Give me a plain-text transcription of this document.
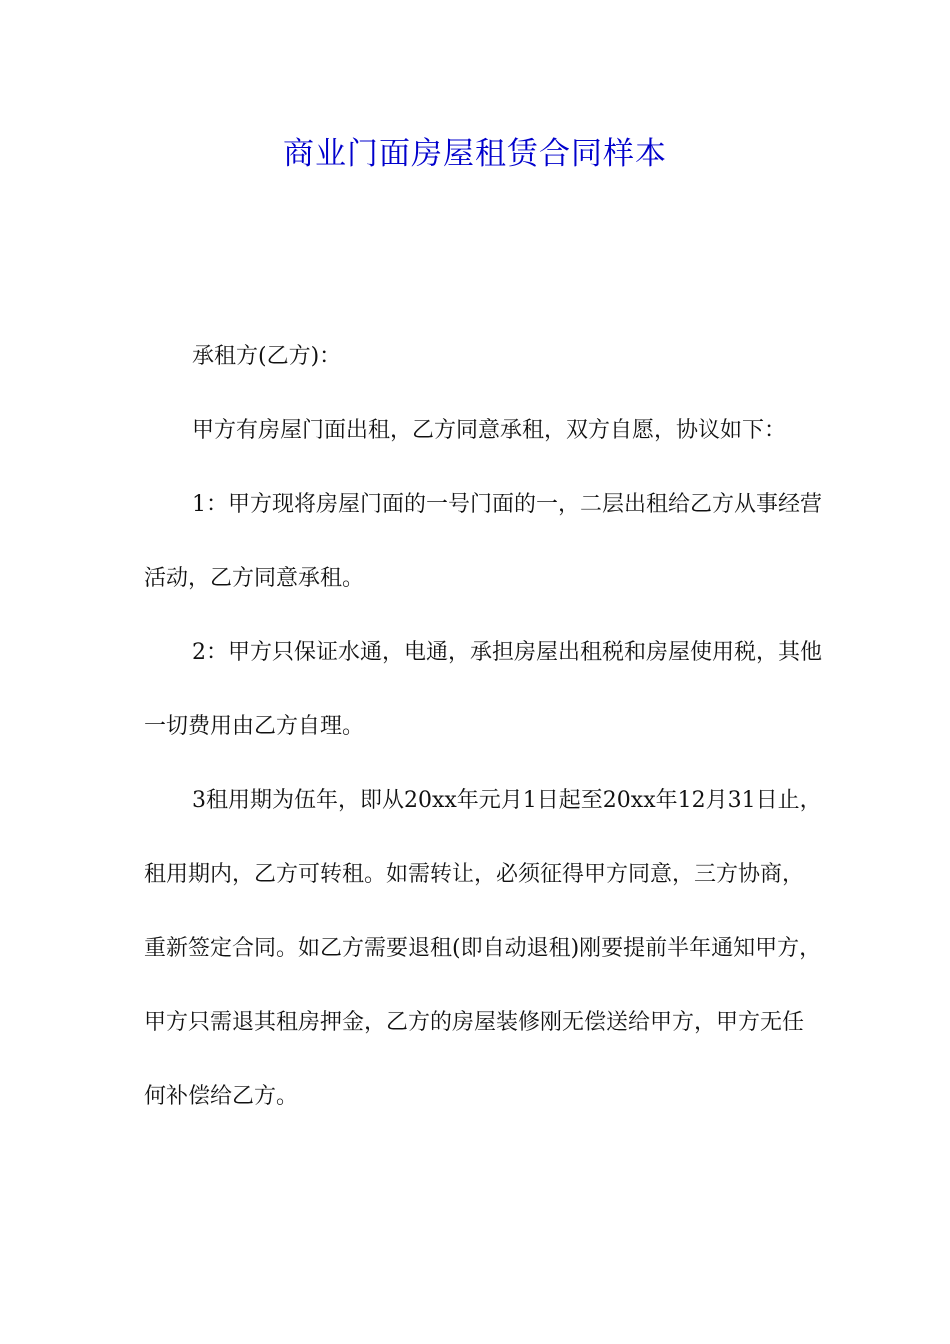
商业门面房屋租赁合同样本

承租方(乙方)：

甲方有房屋门面出租，乙方同意承租，双方自愿，协议如下：

1：甲方现将房屋门面的一号门面的一，二层出租给乙方从事经营活动，乙方同意承租。

2：甲方只保证水通，电通，承担房屋出租税和房屋使用税，其他一切费用由乙方自理。

3租用期为伍年，即从20xx年元月1日起至20xx年12月31日止，租用期内，乙方可转租。如需转让，必须征得甲方同意，三方协商，重新签定合同。如乙方需要退租(即自动退租)刚要提前半年通知甲方，甲方只需退其租房押金，乙方的房屋装修刚无偿送给甲方，甲方无任何补偿给乙方。
